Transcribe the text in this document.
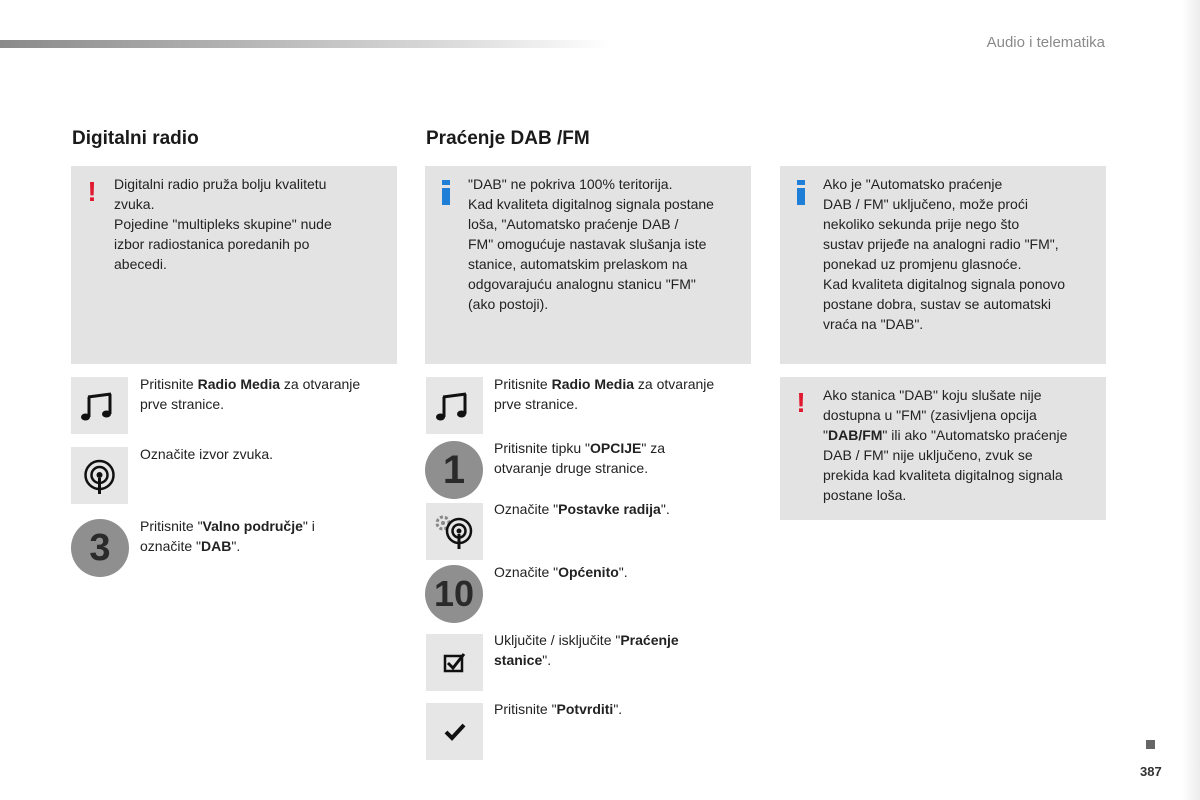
Audio i telematika
Digitalni radio
! Digitalni radio pruža bolju kvalitetu
zvuka.
Pojedine "multipleks skupine" nude
izbor radiostanica poredanih po
abecedi.
Pritisnite Radio Media za otvaranje
prve stranice.
Označite izvor zvuka.
3
Pritisnite "Valno područje" i
označite "DAB".
Praćenje DAB /FM
"DAB" ne pokriva 100% teritorija.
Kad kvaliteta digitalnog signala postane
loša, "Automatsko praćenje DAB /
FM" omogućuje nastavak slušanja iste
stanice, automatskim prelaskom na
odgovarajuću analognu stanicu "FM"
(ako postoji).
Pritisnite Radio Media za otvaranje
prve stranice.
1	Pritisnite tipku "OPCIJE" za
otvaranje druge stranice.
Označite "Postavke radija".
10
Označite "Općenito".
Uključite / isključite "Praćenje
stanice".
Pritisnite "Potvrditi".
Ako je "Automatsko praćenje
DAB / FM" uključeno, može proći
nekoliko sekunda prije nego što
sustav prijeđe na analogni radio "FM",
ponekad uz promjenu glasnoće.
Kad kvaliteta digitalnog signala ponovo
postane dobra, sustav se automatski
vraća na "DAB".
! Ako stanica "DAB" koju slušate nije
dostupna u "FM" (zasivljena opcija
"DAB/FM" ili ako "Automatsko praćenje
DAB / FM" nije uključeno, zvuk se
prekida kad kvaliteta digitalnog signala
postane loša.
387
